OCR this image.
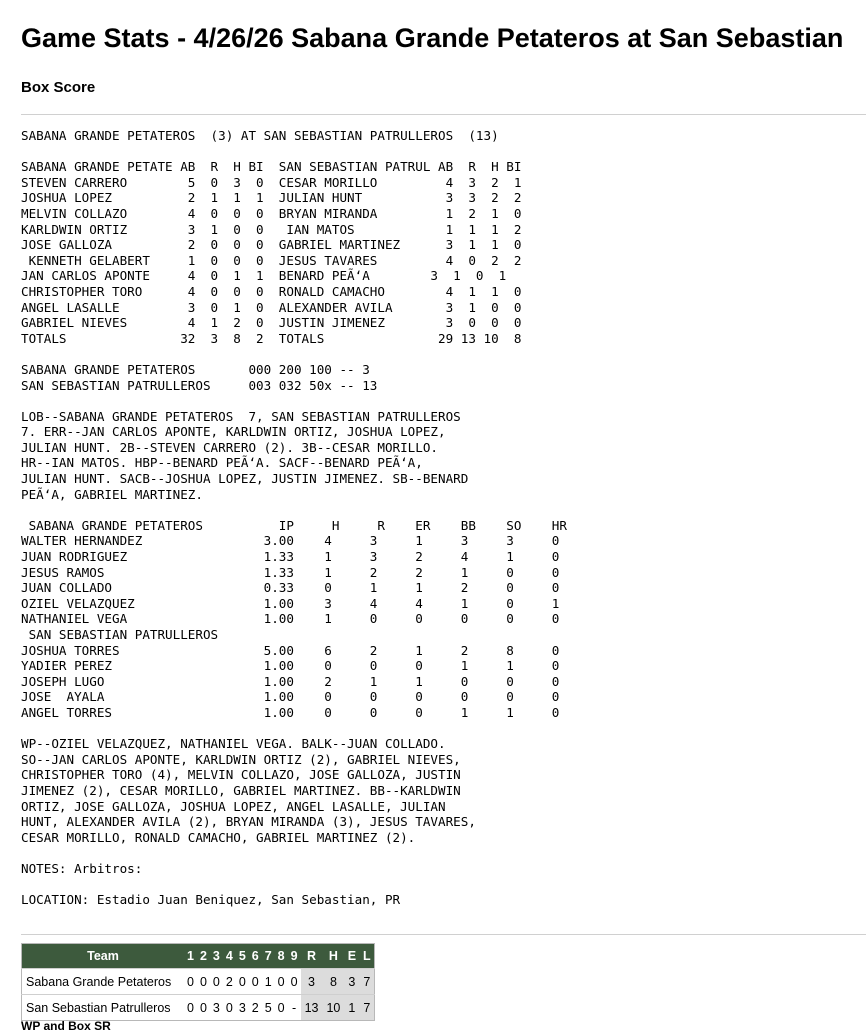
Game Stats - 4/26/26 Sabana Grande Petateros at San Sebastian
Box Score
SABANA GRANDE PETATEROS  (3) AT SAN SEBASTIAN PATRULLEROS  (13)

SABANA GRANDE PETATE AB  R  H BI  SAN SEBASTIAN PATRUL AB  R  H BI
STEVEN CARRERO        5  0  3  0  CESAR MORILLO         4  3  2  1
JOSHUA LOPEZ          2  1  1  1  JULIAN HUNT           3  3  2  2
MELVIN COLLAZO        4  0  0  0  BRYAN MIRANDA         1  2  1  0
KARLDWIN ORTIZ        3  1  0  0   IAN MATOS            1  1  1  2
JOSE GALLOZA          2  0  0  0  GABRIEL MARTINEZ      3  1  1  0
KENNETH GELABERT     1  0  0  0  JESUS TAVARES         4  0  2  2
JAN CARLOS APONTE     4  0  1  1  BENARD PEÃ‘A        3  1  0  1
CHRISTOPHER TORO      4  0  0  0  RONALD CAMACHO        4  1  1  0
ANGEL LASALLE         3  0  1  0  ALEXANDER AVILA       3  1  0  0
GABRIEL NIEVES        4  1  2  0  JUSTIN JIMENEZ        3  0  0  0
TOTALS               32  3  8  2  TOTALS               29 13 10  8

SABANA GRANDE PETATEROS       000 200 100 -- 3
SAN SEBASTIAN PATRULLEROS     003 032 50x -- 13

LOB--SABANA GRANDE PETATEROS  7, SAN SEBASTIAN PATRULLEROS
7. ERR--JAN CARLOS APONTE, KARLDWIN ORTIZ, JOSHUA LOPEZ,
JULIAN HUNT. 2B--STEVEN CARRERO (2). 3B--CESAR MORILLO.
HR--IAN MATOS. HBP--BENARD PEÃ‘A. SACF--BENARD PEÃ‘A,
JULIAN HUNT. SACB--JOSHUA LOPEZ, JUSTIN JIMENEZ. SB--BENARD
PEÃ‘A, GABRIEL MARTINEZ.

SABANA GRANDE PETATEROS          IP     H     R    ER    BB    SO    HR
WALTER HERNANDEZ                3.00    4     3     1     3     3     0
JUAN RODRIGUEZ                  1.33    1     3     2     4     1     0
JESUS RAMOS                     1.33    1     2     2     1     0     0
JUAN COLLADO                    0.33    0     1     1     2     0     0
OZIEL VELAZQUEZ                 1.00    3     4     4     1     0     1
NATHANIEL VEGA                  1.00    1     0     0     0     0     0
SAN SEBASTIAN PATRULLEROS
JOSHUA TORRES                   5.00    6     2     1     2     8     0
YADIER PEREZ                    1.00    0     0     0     1     1     0
JOSEPH LUGO                     1.00    2     1     1     0     0     0
JOSE  AYALA                     1.00    0     0     0     0     0     0
ANGEL TORRES                    1.00    0     0     0     1     1     0

WP--OZIEL VELAZQUEZ, NATHANIEL VEGA. BALK--JUAN COLLADO.
SO--JAN CARLOS APONTE, KARLDWIN ORTIZ (2), GABRIEL NIEVES,
CHRISTOPHER TORO (4), MELVIN COLLAZO, JOSE GALLOZA, JUSTIN
JIMENEZ (2), CESAR MORILLO, GABRIEL MARTINEZ. BB--KARLDWIN
ORTIZ, JOSE GALLOZA, JOSHUA LOPEZ, ANGEL LASALLE, JULIAN
HUNT, ALEXANDER AVILA (2), BRYAN MIRANDA (3), JESUS TAVARES,
CESAR MORILLO, RONALD CAMACHO, GABRIEL MARTINEZ (2).

NOTES: Arbitros:

LOCATION: Estadio Juan Beniquez, San Sebastian, PR
Team	1	2	3	4	5	6	7	8	9	R	H	E	L
Sabana Grande Petateros	0	0	0	2	0	0	1	0	0	3	8	3	7
San Sebastian Patrulleros	0	0	3	0	3	2	5	0	-	13	10	1	7
WP and Box SR
